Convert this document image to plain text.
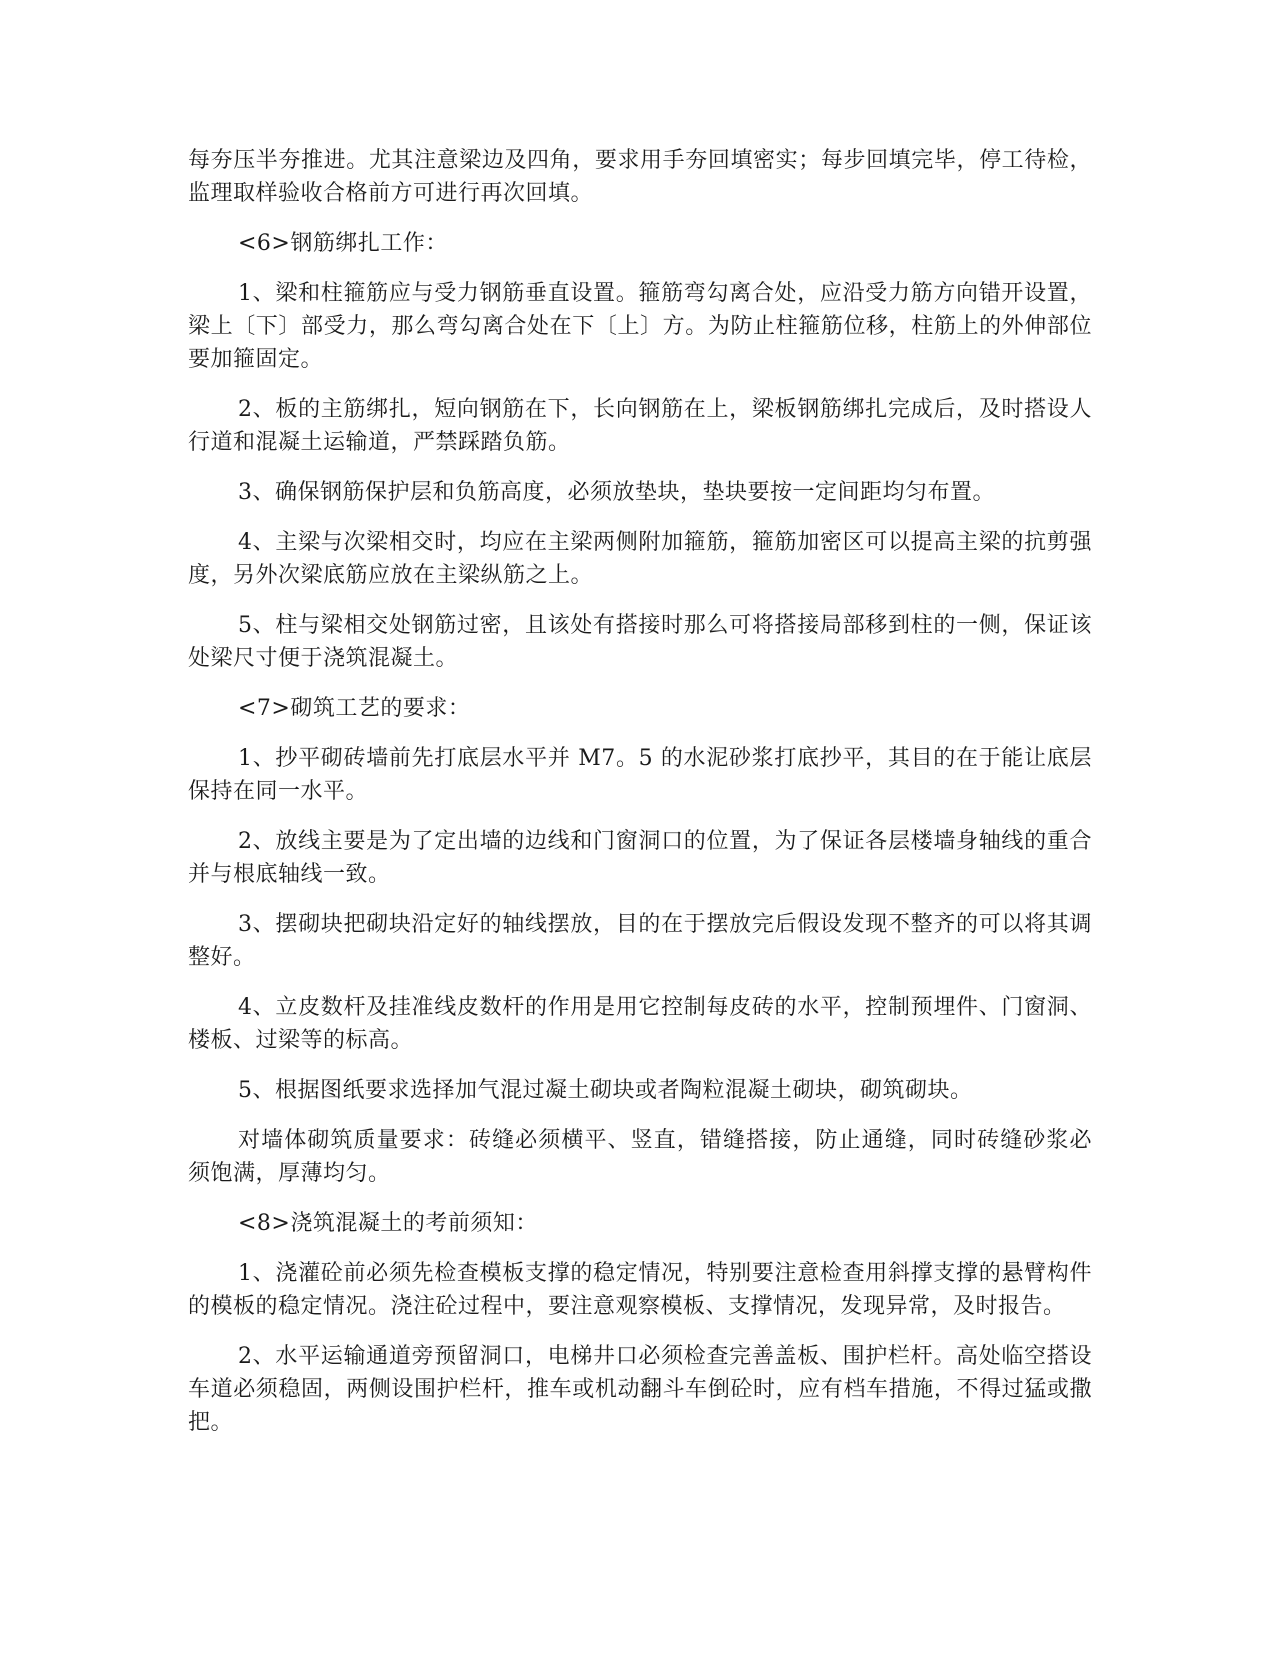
每夯压半夯推进。尤其注意梁边及四角，要求用手夯回填密实；每步回填完毕，停工待检，监理取样验收合格前方可进行再次回填。

<6>钢筋绑扎工作：

1、梁和柱箍筋应与受力钢筋垂直设置。箍筋弯勾离合处，应沿受力筋方向错开设置，梁上〔下〕部受力，那么弯勾离合处在下〔上〕方。为防止柱箍筋位移，柱筋上的外伸部位要加箍固定。

2、板的主筋绑扎，短向钢筋在下，长向钢筋在上，梁板钢筋绑扎完成后，及时搭设人行道和混凝土运输道，严禁踩踏负筋。

3、确保钢筋保护层和负筋高度，必须放垫块，垫块要按一定间距均匀布置。

4、主梁与次梁相交时，均应在主梁两侧附加箍筋，箍筋加密区可以提高主梁的抗剪强度，另外次梁底筋应放在主梁纵筋之上。

5、柱与梁相交处钢筋过密，且该处有搭接时那么可将搭接局部移到柱的一侧，保证该处梁尺寸便于浇筑混凝土。

<7>砌筑工艺的要求：

1、抄平砌砖墙前先打底层水平并 M7。5 的水泥砂浆打底抄平，其目的在于能让底层保持在同一水平。

2、放线主要是为了定出墙的边线和门窗洞口的位置，为了保证各层楼墙身轴线的重合并与根底轴线一致。

3、摆砌块把砌块沿定好的轴线摆放，目的在于摆放完后假设发现不整齐的可以将其调整好。

4、立皮数杆及挂准线皮数杆的作用是用它控制每皮砖的水平，控制预埋件、门窗洞、楼板、过梁等的标高。

5、根据图纸要求选择加气混过凝土砌块或者陶粒混凝土砌块，砌筑砌块。

对墙体砌筑质量要求：砖缝必须横平、竖直，错缝搭接，防止通缝，同时砖缝砂浆必须饱满，厚薄均匀。

<8>浇筑混凝土的考前须知：

1、浇灌砼前必须先检查模板支撑的稳定情况，特别要注意检查用斜撑支撑的悬臂构件的模板的稳定情况。浇注砼过程中，要注意观察模板、支撑情况，发现异常，及时报告。

2、水平运输通道旁预留洞口，电梯井口必须检查完善盖板、围护栏杆。高处临空搭设车道必须稳固，两侧设围护栏杆，推车或机动翻斗车倒砼时，应有档车措施，不得过猛或撒把。
